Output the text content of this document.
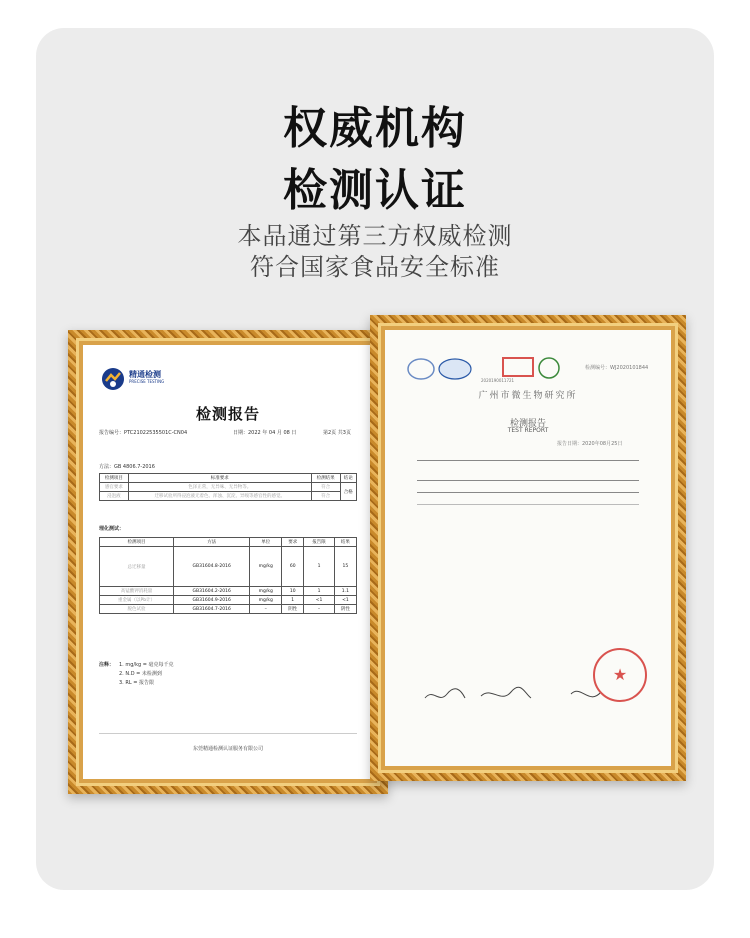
权威机构
检测认证
本品通过第三方权威检测
符合国家食品安全标准
精通检测
PRECISE TESTING
检测报告
报告编号：PTC21022535501C-CN04	日期：2022 年 04 月 08 日	第2页 共3页
方法：GB 4806.7-2016
检测项目	标准要求	检测结果	结论
感官要求	色泽正常，无异味、无异物等。	符合	合格
浸泡液	迁移试验所得浸泡液无着色、浑浊、沉淀、异嗅等感官性的感觉。	符合	
理化测试：
检测项目	方法	单位	要求	报告限	结果
总迁移量	GB31604.8-2016	mg/kg	60	1	15
高锰酸钾消耗量	GB31604.2-2016	mg/kg	10	1	1.1
重金属（以Pb计）	GB31604.9-2016	mg/kg	1	<1	<1
脱色试验	GB31604.7-2016	–	阴性	–	阴性
注释： 1. mg/kg = 毫克每千克
2. N.D = 未检测到
3. RL = 报告限
东莞精通检测认证服务有限公司
检测编号：WJ2020101844
2020190011721
广州市微生物研究所
检测报告
TEST REPORT
报告日期：2020年08月25日
★
